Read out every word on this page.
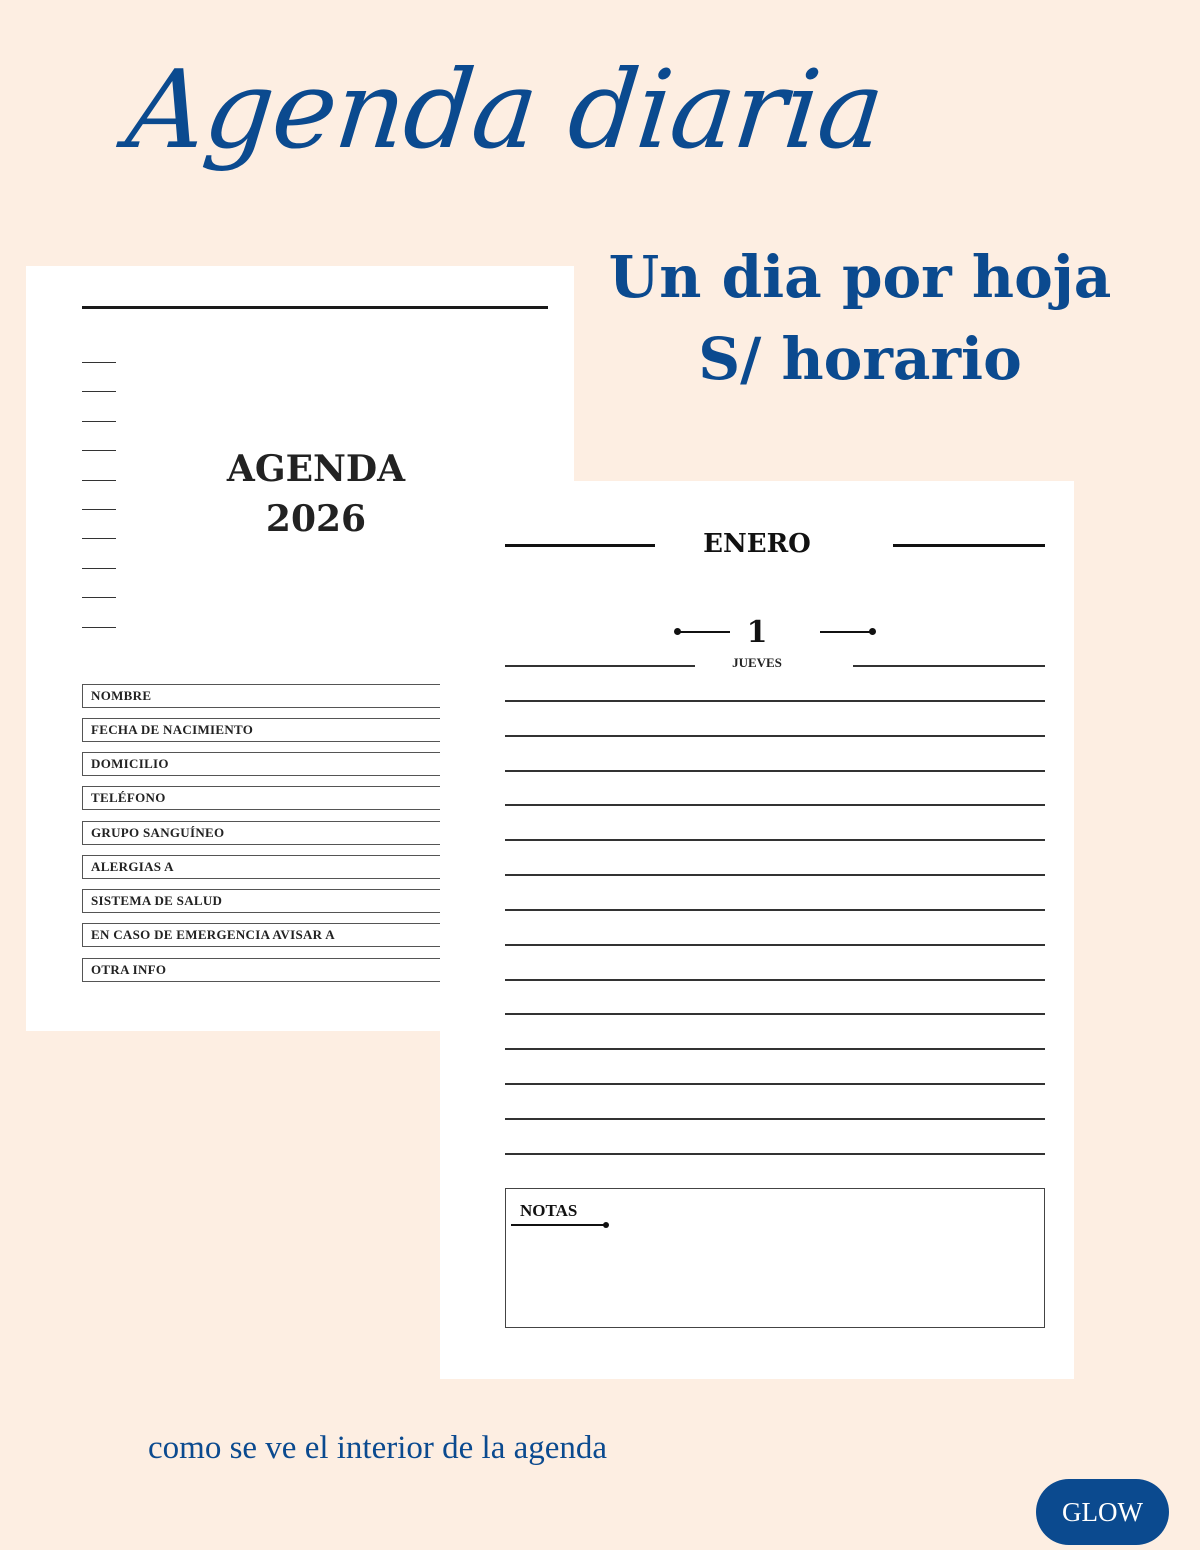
Agenda diaria
Un dia por hoja
S/ horario
AGENDA
2026
NOMBRE
FECHA DE NACIMIENTO
DOMICILIO
TELÉFONO
GRUPO SANGUÍNEO
ALERGIAS A
SISTEMA DE SALUD
EN CASO DE EMERGENCIA AVISAR A
OTRA INFO
ENERO
1
JUEVES
NOTAS
como se ve el interior de la agenda
GLOW
